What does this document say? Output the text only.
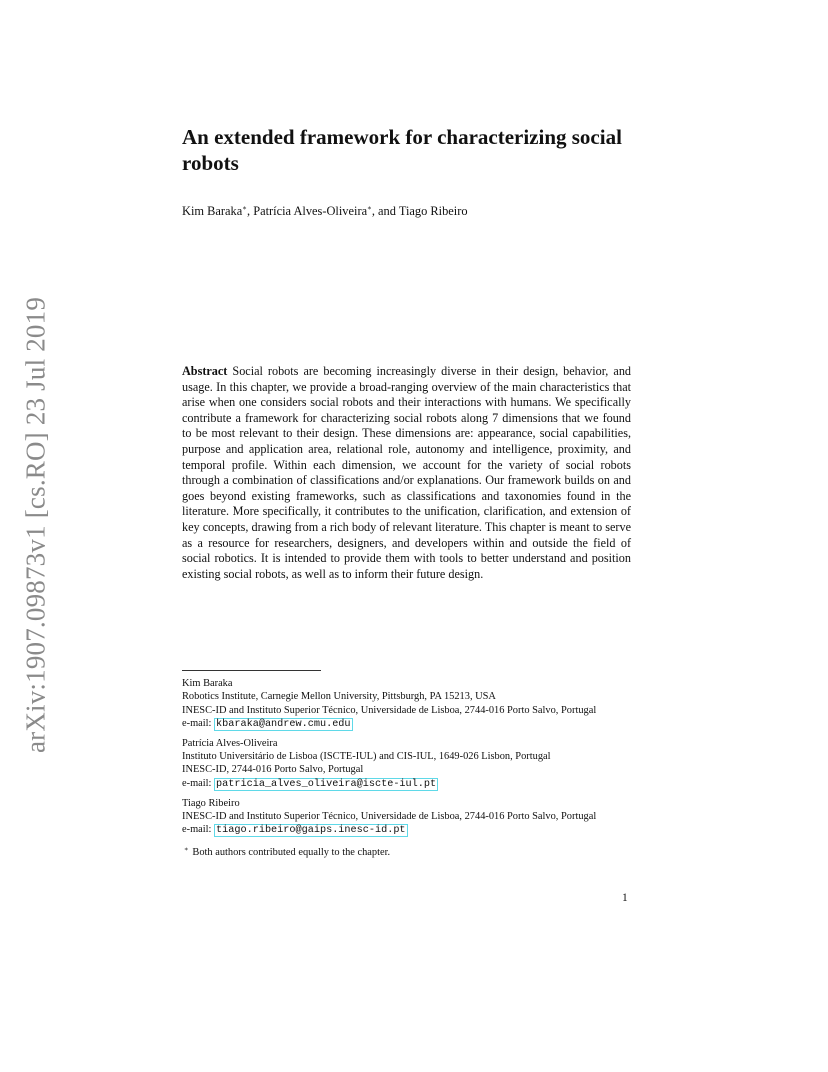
arXiv:1907.09873v1 [cs.RO] 23 Jul 2019
An extended framework for characterizing social robots
Kim Baraka∗, Patrícia Alves-Oliveira∗, and Tiago Ribeiro

Abstract Social robots are becoming increasingly diverse in their design, behavior, and usage. In this chapter, we provide a broad-ranging overview of the main characteristics that arise when one considers social robots and their interactions with humans. We specifically contribute a framework for characterizing social robots along 7 dimensions that we found to be most relevant to their design. These dimensions are: appearance, social capabilities, purpose and application area, relational role, autonomy and intelligence, proximity, and temporal profile. Within each dimension, we account for the variety of social robots through a combination of classifications and/or explanations. Our framework builds on and goes beyond existing frameworks, such as classifications and taxonomies found in the literature. More specifically, it contributes to the unification, clarification, and extension of key concepts, drawing from a rich body of relevant literature. This chapter is meant to serve as a resource for researchers, designers, and developers within and outside the field of social robotics. It is intended to provide them with tools to better understand and position existing social robots, as well as to inform their future design.

Kim Baraka
Robotics Institute, Carnegie Mellon University, Pittsburgh, PA 15213, USA
INESC-ID and Instituto Superior Técnico, Universidade de Lisboa, 2744-016 Porto Salvo, Portugal
e-mail: kbaraka@andrew.cmu.edu
Patrícia Alves-Oliveira
Instituto Universitário de Lisboa (ISCTE-IUL) and CIS-IUL, 1649-026 Lisbon, Portugal
INESC-ID, 2744-016 Porto Salvo, Portugal
e-mail: patricia_alves_oliveira@iscte-iul.pt
Tiago Ribeiro
INESC-ID and Instituto Superior Técnico, Universidade de Lisboa, 2744-016 Porto Salvo, Portugal
e-mail: tiago.ribeiro@gaips.inesc-id.pt
∗ Both authors contributed equally to the chapter.
1
